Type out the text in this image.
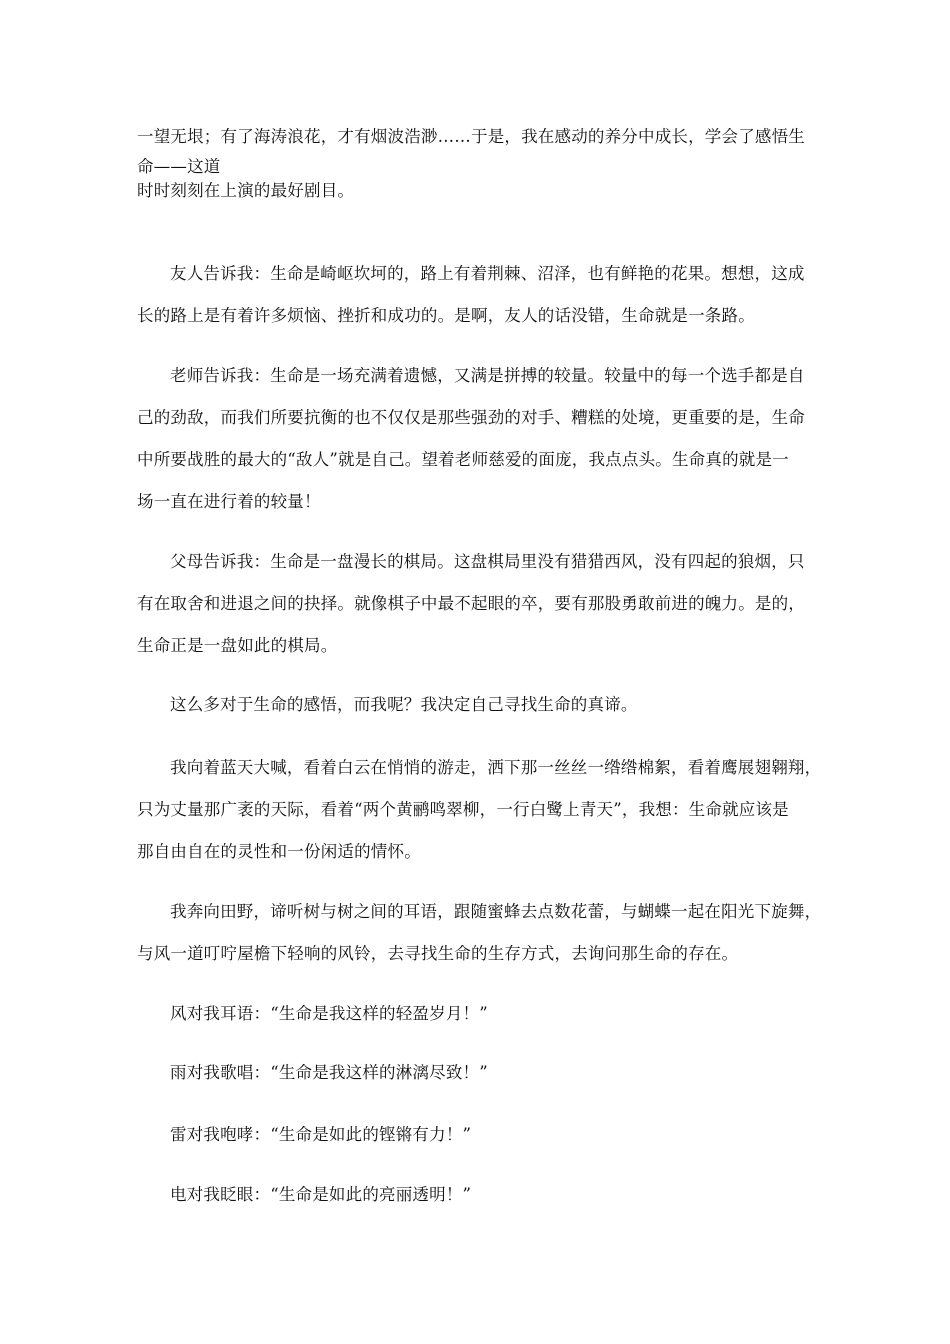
一望无垠；有了海涛浪花，才有烟波浩渺……于是，我在感动的养分中成长，学会了感悟生
命——这道
时时刻刻在上演的最好剧目。
友人告诉我：生命是崎岖坎坷的，路上有着荆棘、沼泽，也有鲜艳的花果。想想，这成
长的路上是有着许多烦恼、挫折和成功的。是啊，友人的话没错，生命就是一条路。
老师告诉我：生命是一场充满着遗憾，又满是拼搏的较量。较量中的每一个选手都是自
己的劲敌，而我们所要抗衡的也不仅仅是那些强劲的对手、糟糕的处境，更重要的是，生命
中所要战胜的最大的“敌人”就是自己。望着老师慈爱的面庞，我点点头。生命真的就是一
场一直在进行着的较量！
父母告诉我：生命是一盘漫长的棋局。这盘棋局里没有猎猎西风，没有四起的狼烟，只
有在取舍和进退之间的抉择。就像棋子中最不起眼的卒，要有那股勇敢前进的魄力。是的，
生命正是一盘如此的棋局。
这么多对于生命的感悟，而我呢？我决定自己寻找生命的真谛。
我向着蓝天大喊，看着白云在悄悄的游走，洒下那一丝丝一绺绺棉絮，看着鹰展翅翱翔，
只为丈量那广袤的天际，看着“两个黄鹂鸣翠柳，一行白鹭上青天”，我想：生命就应该是
那自由自在的灵性和一份闲适的情怀。
我奔向田野，谛听树与树之间的耳语，跟随蜜蜂去点数花蕾，与蝴蝶一起在阳光下旋舞，
与风一道叮咛屋檐下轻响的风铃，去寻找生命的生存方式，去询问那生命的存在。
风对我耳语：“生命是我这样的轻盈岁月！”
雨对我歌唱：“生命是我这样的淋漓尽致！”
雷对我咆哮：“生命是如此的铿锵有力！”
电对我眨眼：“生命是如此的亮丽透明！”
